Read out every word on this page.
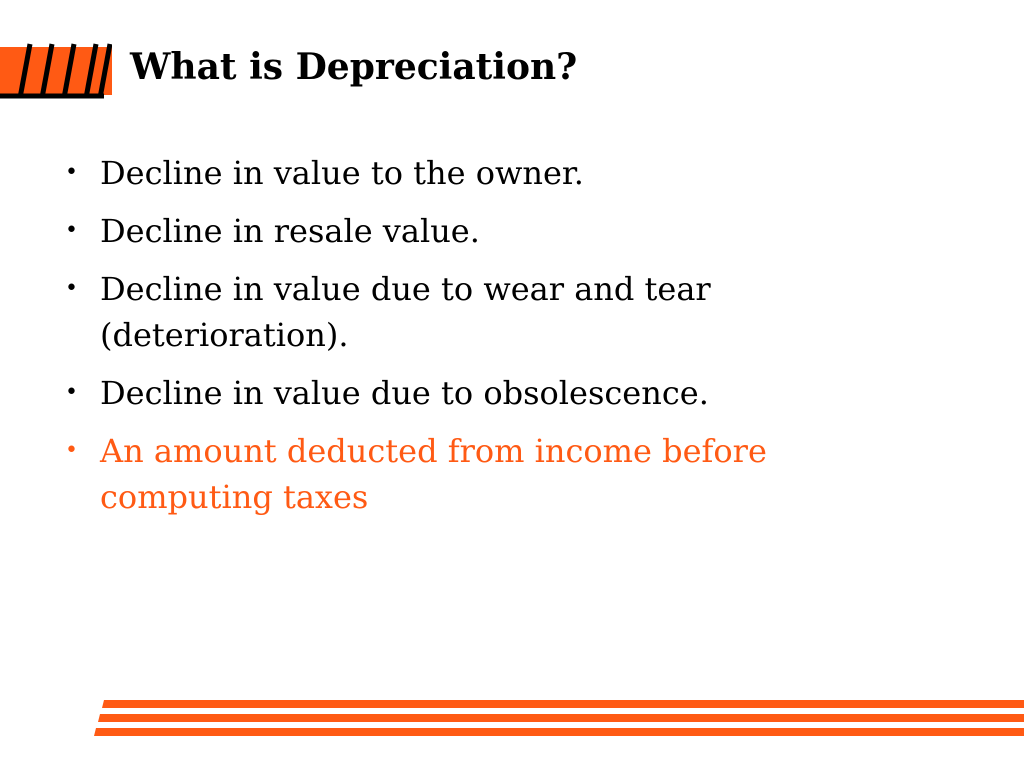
What is Depreciation?
• Decline in value to the owner.
• Decline in resale value.
• Decline in value due to wear and tear (deterioration).
• Decline in value due to obsolescence.
• An amount deducted from income before computing taxes
